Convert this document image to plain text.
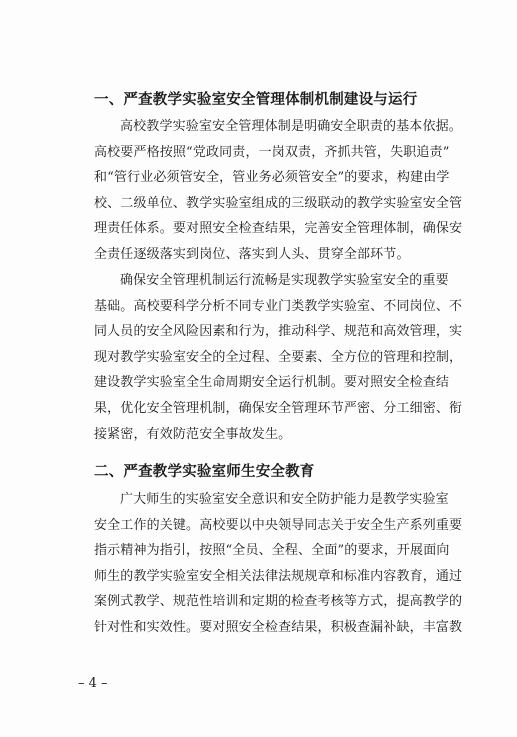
一、严查教学实验室安全管理体制机制建设与运行
高校教学实验室安全管理体制是明确安全职责的基本依据。
高校要严格按照“党政同责，一岗双责，齐抓共管，失职追责”
和“管行业必须管安全，管业务必须管安全”的要求，构建由学
校、二级单位、教学实验室组成的三级联动的教学实验室安全管
理责任体系。要对照安全检查结果，完善安全管理体制，确保安
全责任逐级落实到岗位、落实到人头、贯穿全部环节。
确保安全管理机制运行流畅是实现教学实验室安全的重要
基础。高校要科学分析不同专业门类教学实验室、不同岗位、不
同人员的安全风险因素和行为，推动科学、规范和高效管理，实
现对教学实验室安全的全过程、全要素、全方位的管理和控制，
建设教学实验室全生命周期安全运行机制。要对照安全检查结
果，优化安全管理机制，确保安全管理环节严密、分工细密、衔
接紧密，有效防范安全事故发生。
二、严查教学实验室师生安全教育
广大师生的实验室安全意识和安全防护能力是教学实验室
安全工作的关键。高校要以中央领导同志关于安全生产系列重要
指示精神为指引，按照“全员、全程、全面”的要求，开展面向
师生的教学实验室安全相关法律法规规章和标准内容教育，通过
案例式教学、规范性培训和定期的检查考核等方式，提高教学的
针对性和实效性。要对照安全检查结果，积极查漏补缺，丰富教
– 4 –
